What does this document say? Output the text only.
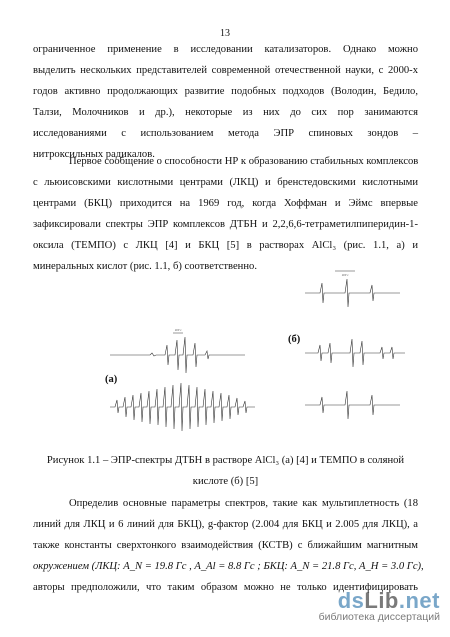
13

ограниченное применение в исследовании катализаторов. Однако можно
выделить нескольких представителей современной отечественной науки, с 2000-х
годов активно продолжающих развитие подобных подходов (Володин, Бедило,
Талзи, Молочников и др.), некоторые из них до сих пор занимаются
исследованиями с использованием метода ЭПР спиновых зондов –
нитроксильных радикалов.

Первое сообщение о способности НР к образованию стабильных комплексов
с льюисовскими кислотными центрами (ЛКЦ) и бренстедовскими кислотными
центрами (БКЦ) приходится на 1969 год, когда Хоффман и Эймс впервые
зафиксировали спектры ЭПР комплексов ДТБН и 2,2,6,6-тетраметилпиперидин-1-
оксила (ТЕМПО) с ЛКЦ [4] и БКЦ [5] в растворах AlCl₃ (рис. 1.1, а) и
минеральных кислот (рис. 1.1, б) соответственно.

(а)
10 Гс
(б)
10 Гс
Рисунок 1.1 – ЭПР-спектры ДТБН в растворе AlCl₃ (а) [4] и ТЕМПО в соляной
кислоте (б) [5]

Определив основные параметры спектров, такие как мультиплетность (18
линий для ЛКЦ и 6 линий для БКЦ), g-фактор (2.004 для БКЦ и 2.005 для ЛКЦ), а
также константы сверхтонкого взаимодействия (КСТВ) с ближайшим магнитным
окружением (ЛКЦ: A_N = 19.8 Гс , A_Al = 8.8 Гс ; БКЦ: A_N = 21.8 Гс, A_H = 3.0 Гс),
авторы предположили, что таким образом можно не только идентифицировать

dsLib.net
библиотека диссертаций
